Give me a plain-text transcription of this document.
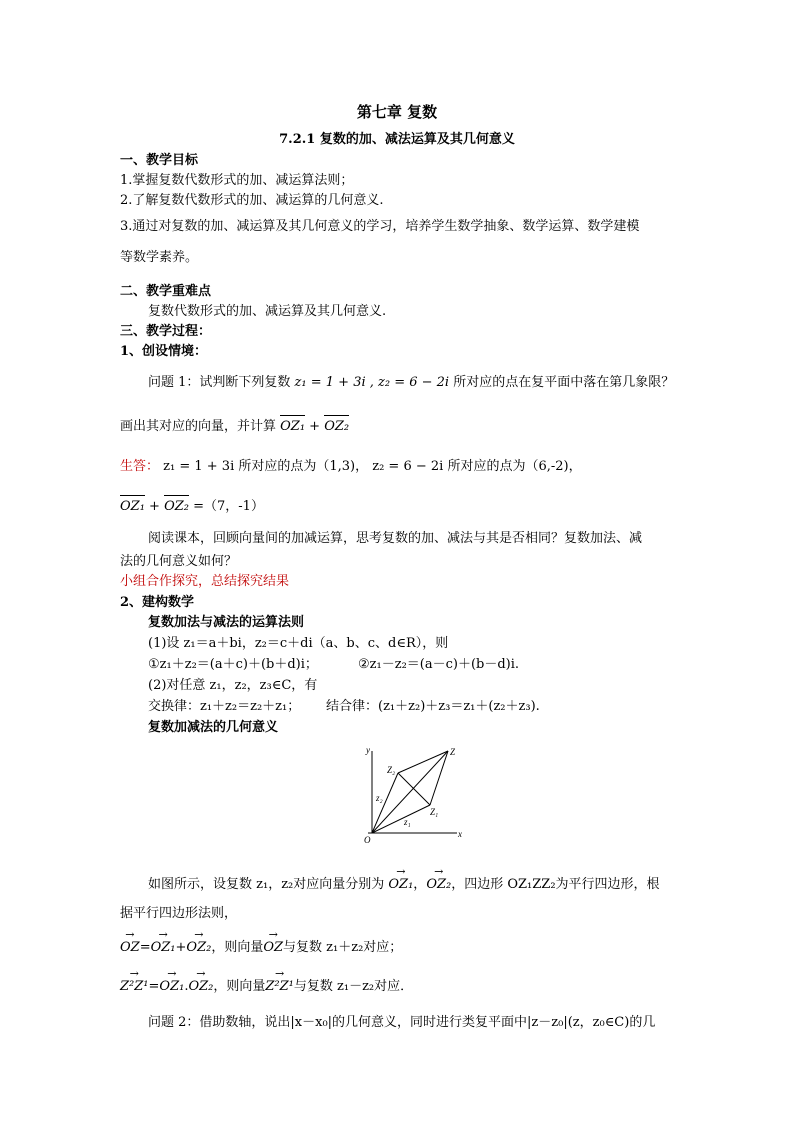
第七章 复数
7.2.1 复数的加、减法运算及其几何意义
一、教学目标
1.掌握复数代数形式的加、减运算法则；
2.了解复数代数形式的加、减运算的几何意义.
3.通过对复数的加、减运算及其几何意义的学习，培养学生数学抽象、数学运算、数学建模
等数学素养。
二、教学重难点
复数代数形式的加、减运算及其几何意义.
三、教学过程：
1、创设情境：
问题 1：试判断下列复数 z₁ = 1 + 3i , z₂ = 6 − 2i 所对应的点在复平面中落在第几象限？
画出其对应的向量，并计算 OZ₁ + OZ₂
生答： z₁ = 1 + 3i 所对应的点为（1,3)， z₂ = 6 − 2i 所对应的点为（6,-2)，
OZ₁ + OZ₂ =（7，-1）
阅读课本，回顾向量间的加减运算，思考复数的加、减法与其是否相同？复数加法、减
法的几何意义如何？
小组合作探究，总结探究结果
2、建构数学
复数加法与减法的运算法则
(1)设 z₁＝a＋bi，z₂＝c＋di（a、b、c、d∈R），则
①z₁＋z₂＝(a＋c)＋(b＋d)i；	②z₁－z₂＝(a－c)＋(b－d)i.
(2)对任意 z₁，z₂，z₃∈C，有
交换律：z₁＋z₂＝z₂＋z₁； 结合律：(z₁＋z₂)＋z₃＝z₁＋(z₂＋z₃).
复数加减法的几何意义
y
x
O
Z
Z₁
Z₂
z₁
z₂
如图所示，设复数 z₁，z₂对应向量分别为 → OZ₁，→ OZ₂，四边形 OZ₁ZZ₂为平行四边形，根
据平行四边形法则，
→ OZ=→ OZ₁+→ OZ₂，则向量→ OZ与复数 z₁＋z₂对应；
→ Z²Z¹=→ OZ₁.→ OZ₂，则向量→ Z²Z¹与复数 z₁－z₂对应．
问题 2：借助数轴，说出|x－x₀|的几何意义，同时进行类复平面中|z－z₀|(z，z₀∈C)的几
